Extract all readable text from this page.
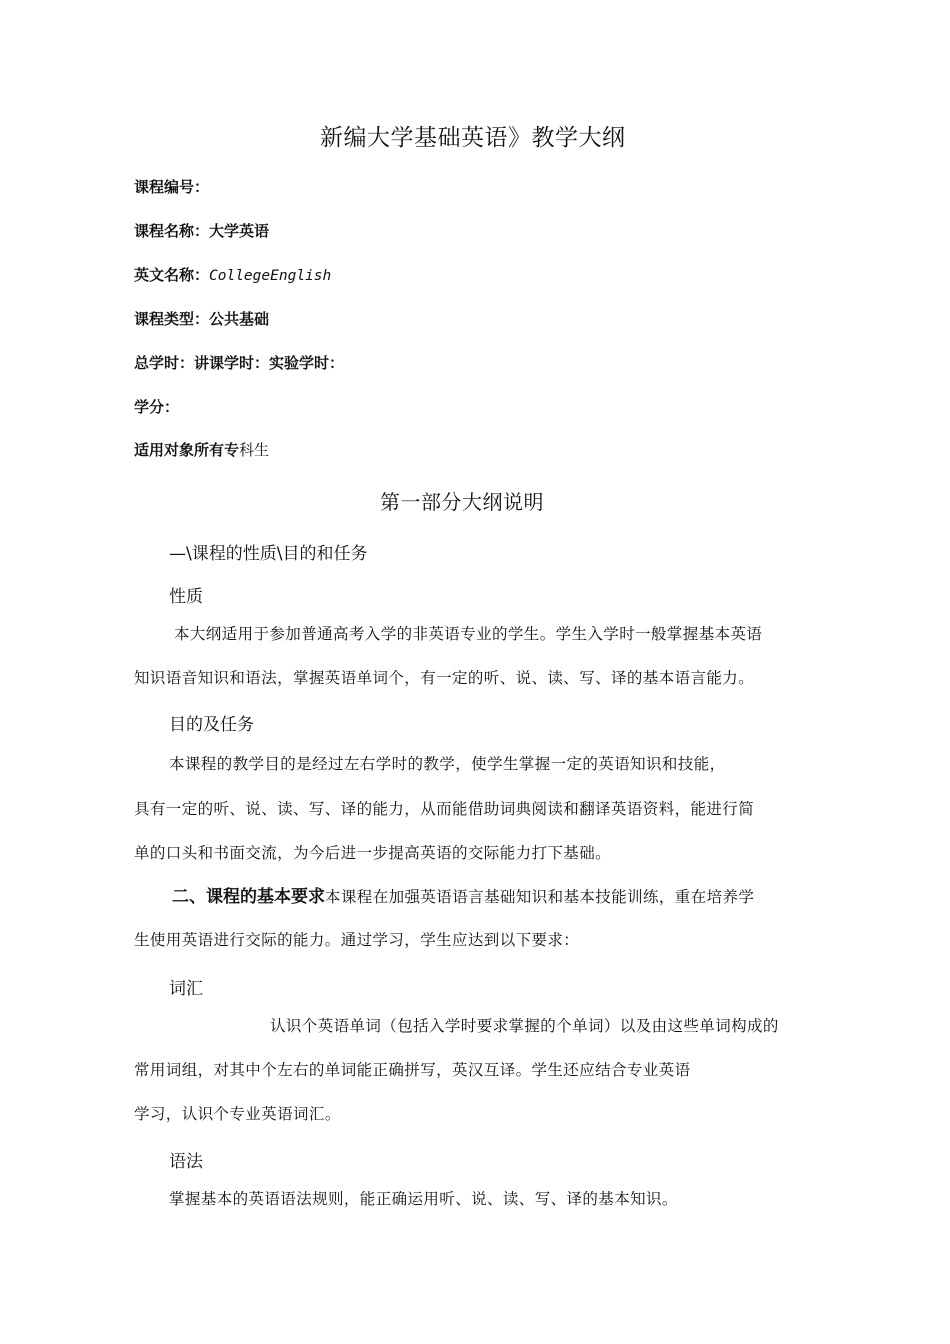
新编大学基础英语》教学大纲
课程编号：
课程名称：大学英语
英文名称：CollegeEnglish
课程类型：公共基础
总学时：讲课学时：实验学时：
学分：
适用对象所有专科生
第一部分大纲说明
—\课程的性质\目的和任务
性质
本大纲适用于参加普通高考入学的非英语专业的学生。学生入学时一般掌握基本英语
知识语音知识和语法，掌握英语单词个，有一定的听、说、读、写、译的基本语言能力。
目的及任务
本课程的教学目的是经过左右学时的教学，使学生掌握一定的英语知识和技能，
具有一定的听、说、读、写、译的能力，从而能借助词典阅读和翻译英语资料，能进行简
单的口头和书面交流，为今后进一步提高英语的交际能力打下基础。
二、课程的基本要求本课程在加强英语语言基础知识和基本技能训练，重在培养学
生使用英语进行交际的能力。通过学习，学生应达到以下要求：
词汇
认识个英语单词（包括入学时要求掌握的个单词）以及由这些单词构成的
常用词组，对其中个左右的单词能正确拼写，英汉互译。学生还应结合专业英语
学习，认识个专业英语词汇。
语法
掌握基本的英语语法规则，能正确运用听、说、读、写、译的基本知识。
